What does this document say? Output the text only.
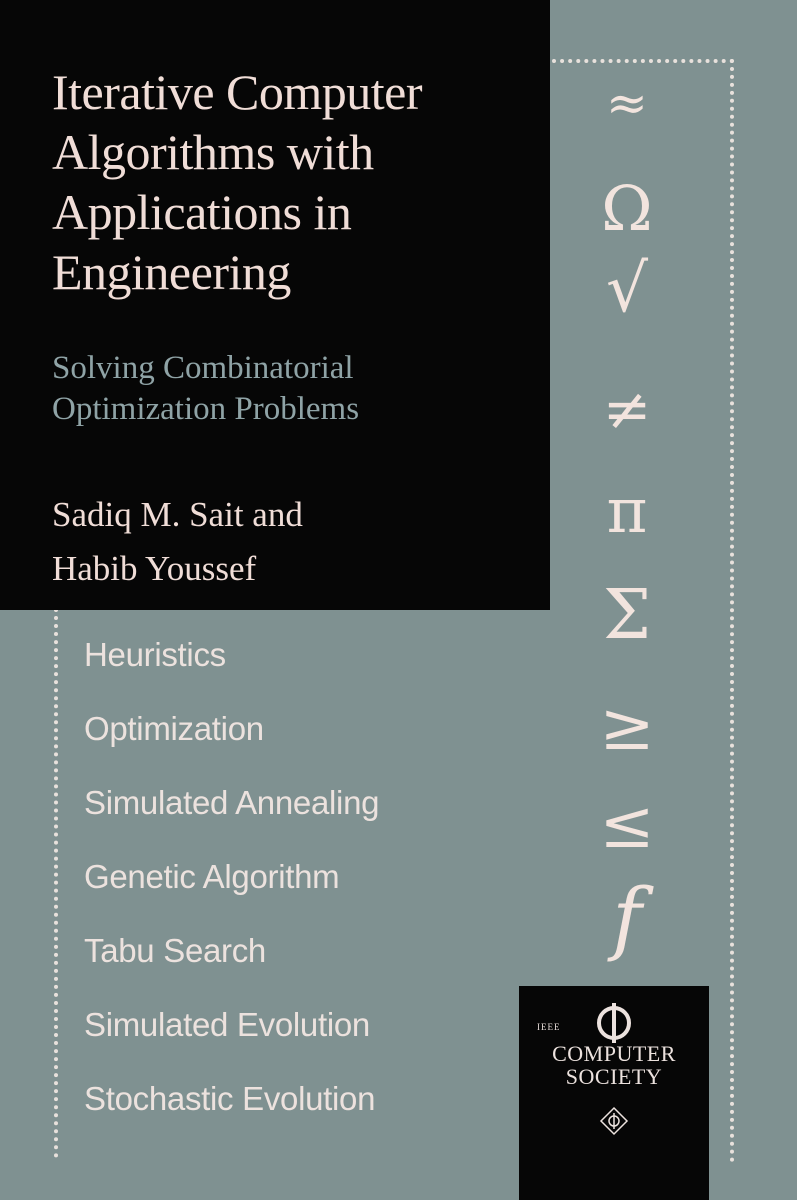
Iterative Computer
Algorithms with
Applications in
Engineering
Solving Combinatorial
Optimization Problems
Sadiq M. Sait and
Habib Youssef
≈
Ω
√
≠
π
Σ
≥
≤
f
Heuristics
Optimization
Simulated Annealing
Genetic Algorithm
Tabu Search
Simulated Evolution
Stochastic Evolution
IEEE
COMPUTER
SOCIETY
